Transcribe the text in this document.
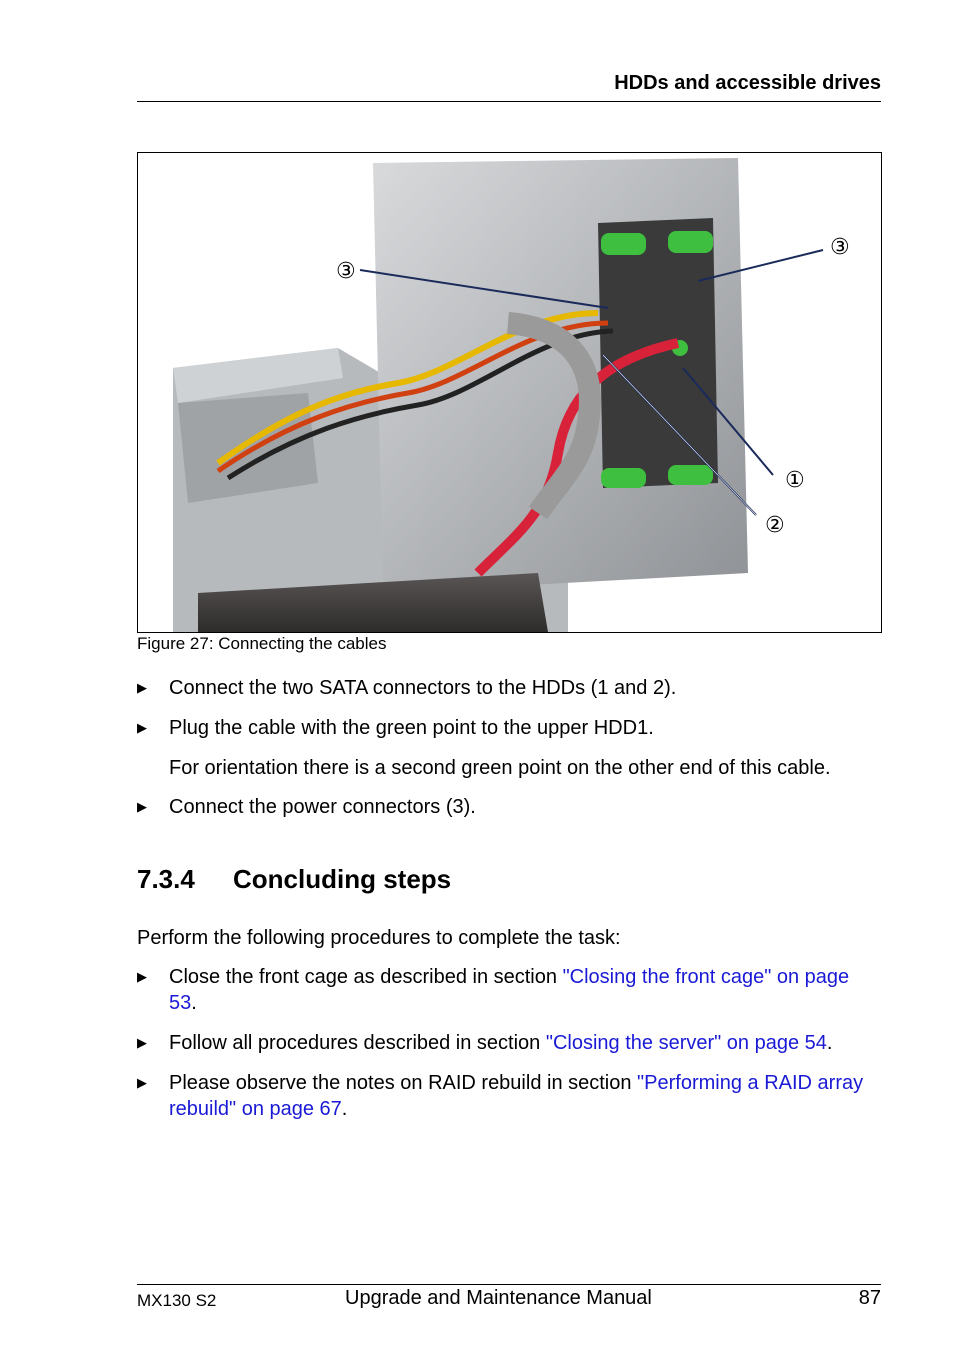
HDDs and accessible drives
③
③
①
②
Figure 27: Connecting the cables
▶ Connect the two SATA connectors to the HDDs (1 and 2).
▶ Plug the cable with the green point to the upper HDD1.
For orientation there is a second green point on the other end of this cable.
▶ Connect the power connectors (3).
7.3.4 Concluding steps
Perform the following procedures to complete the task:
▶ Close the front cage as described in section "Closing the front cage" on page 53.
▶ Follow all procedures described in section "Closing the server" on page 54.
▶ Please observe the notes on RAID rebuild in section "Performing a RAID array rebuild" on page 67.
MX130 S2	Upgrade and Maintenance Manual	87
